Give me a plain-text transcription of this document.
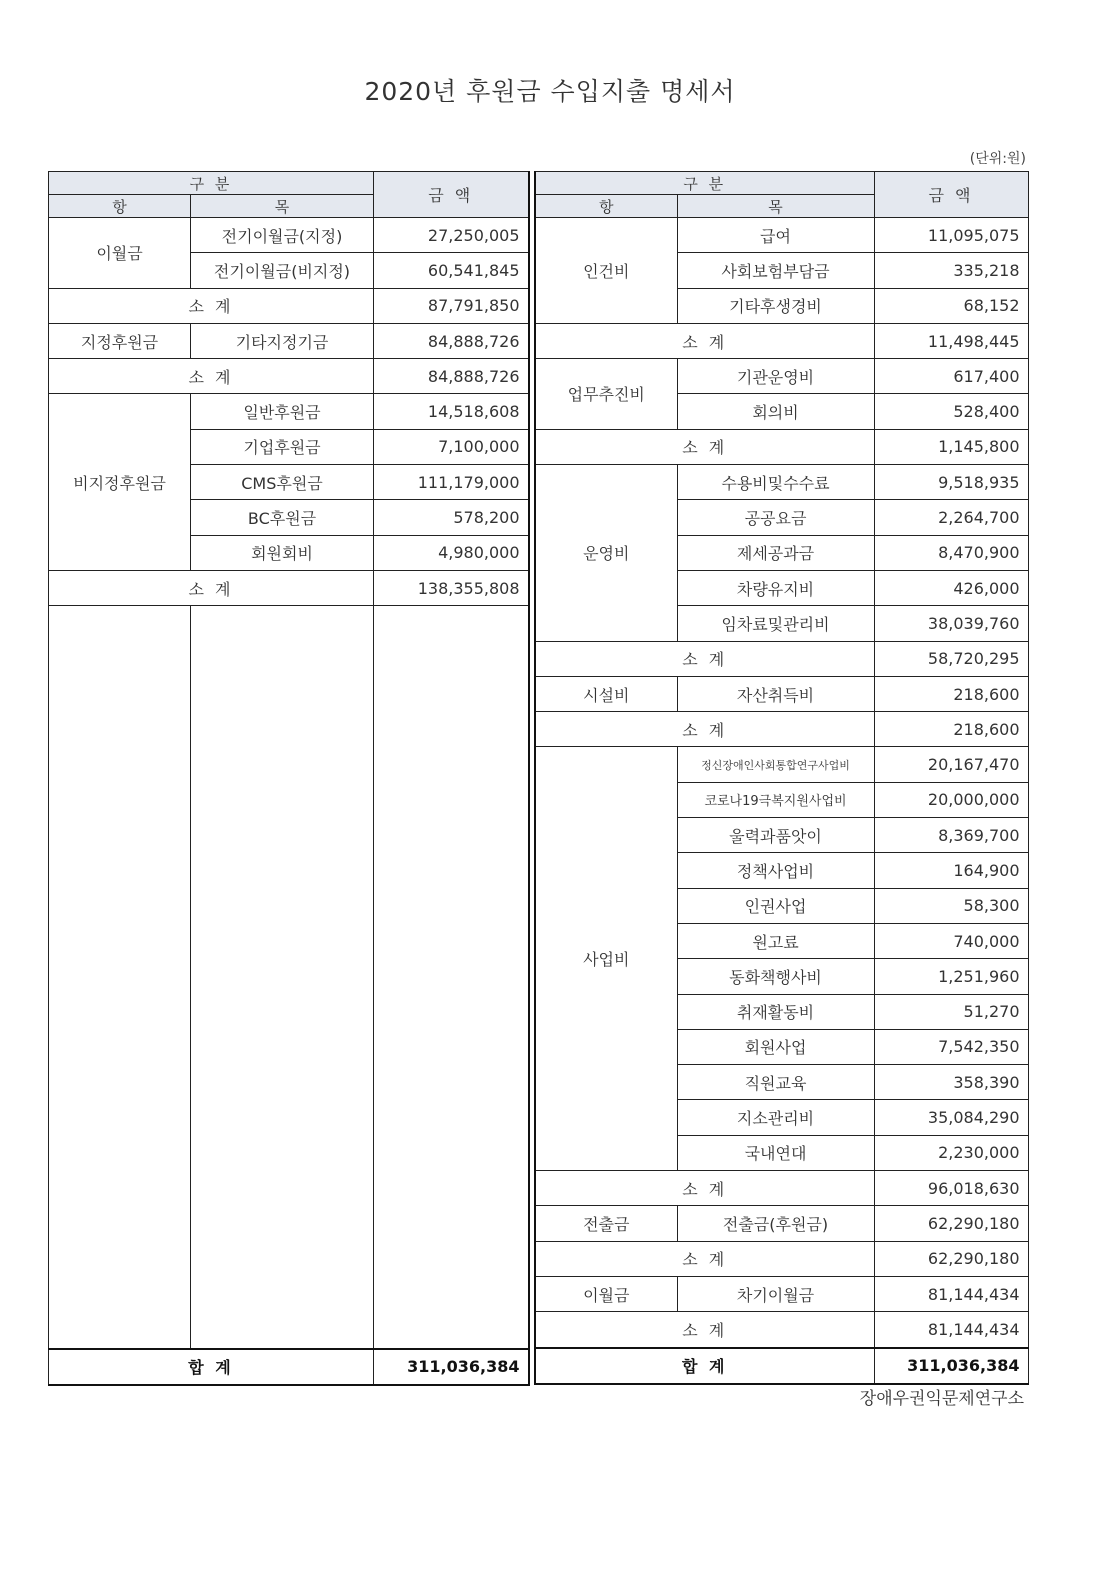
2020년 후원금 수입지출 명세서
(단위:원)
구 분		금 액
항	목	
이월금	전기이월금(지정)	27,250,005
	전기이월금(비지정)	60,541,845
소 계		87,791,850
지정후원금	기타지정기금	84,888,726
소 계		84,888,726
비지정후원금	일반후원금	14,518,608
	기업후원금	7,100,000
	CMS후원금	111,179,000
	BC후원금	578,200
	회원회비	4,980,000
소 계		138,355,808

합 계		311,036,384
구 분		금 액
항	목	
인건비	급여	11,095,075
	사회보험부담금	335,218
	기타후생경비	68,152
소 계		11,498,445
업무추진비	기관운영비	617,400
	회의비	528,400
소 계		1,145,800
운영비	수용비및수수료	9,518,935
	공공요금	2,264,700
	제세공과금	8,470,900
	차량유지비	426,000
	임차료및관리비	38,039,760
소 계		58,720,295
시설비	자산취득비	218,600
소 계		218,600
사업비	정신장애인사회통합연구사업비	20,167,470
	코로나19극복지원사업비	20,000,000
	울력과품앗이	8,369,700
	정책사업비	164,900
	인권사업	58,300
	원고료	740,000
	동화책행사비	1,251,960
	취재활동비	51,270
	회원사업	7,542,350
	직원교육	358,390
	지소관리비	35,084,290
	국내연대	2,230,000
소 계		96,018,630
전출금	전출금(후원금)	62,290,180
소 계		62,290,180
이월금	차기이월금	81,144,434
소 계		81,144,434
합 계		311,036,384
장애우권익문제연구소
